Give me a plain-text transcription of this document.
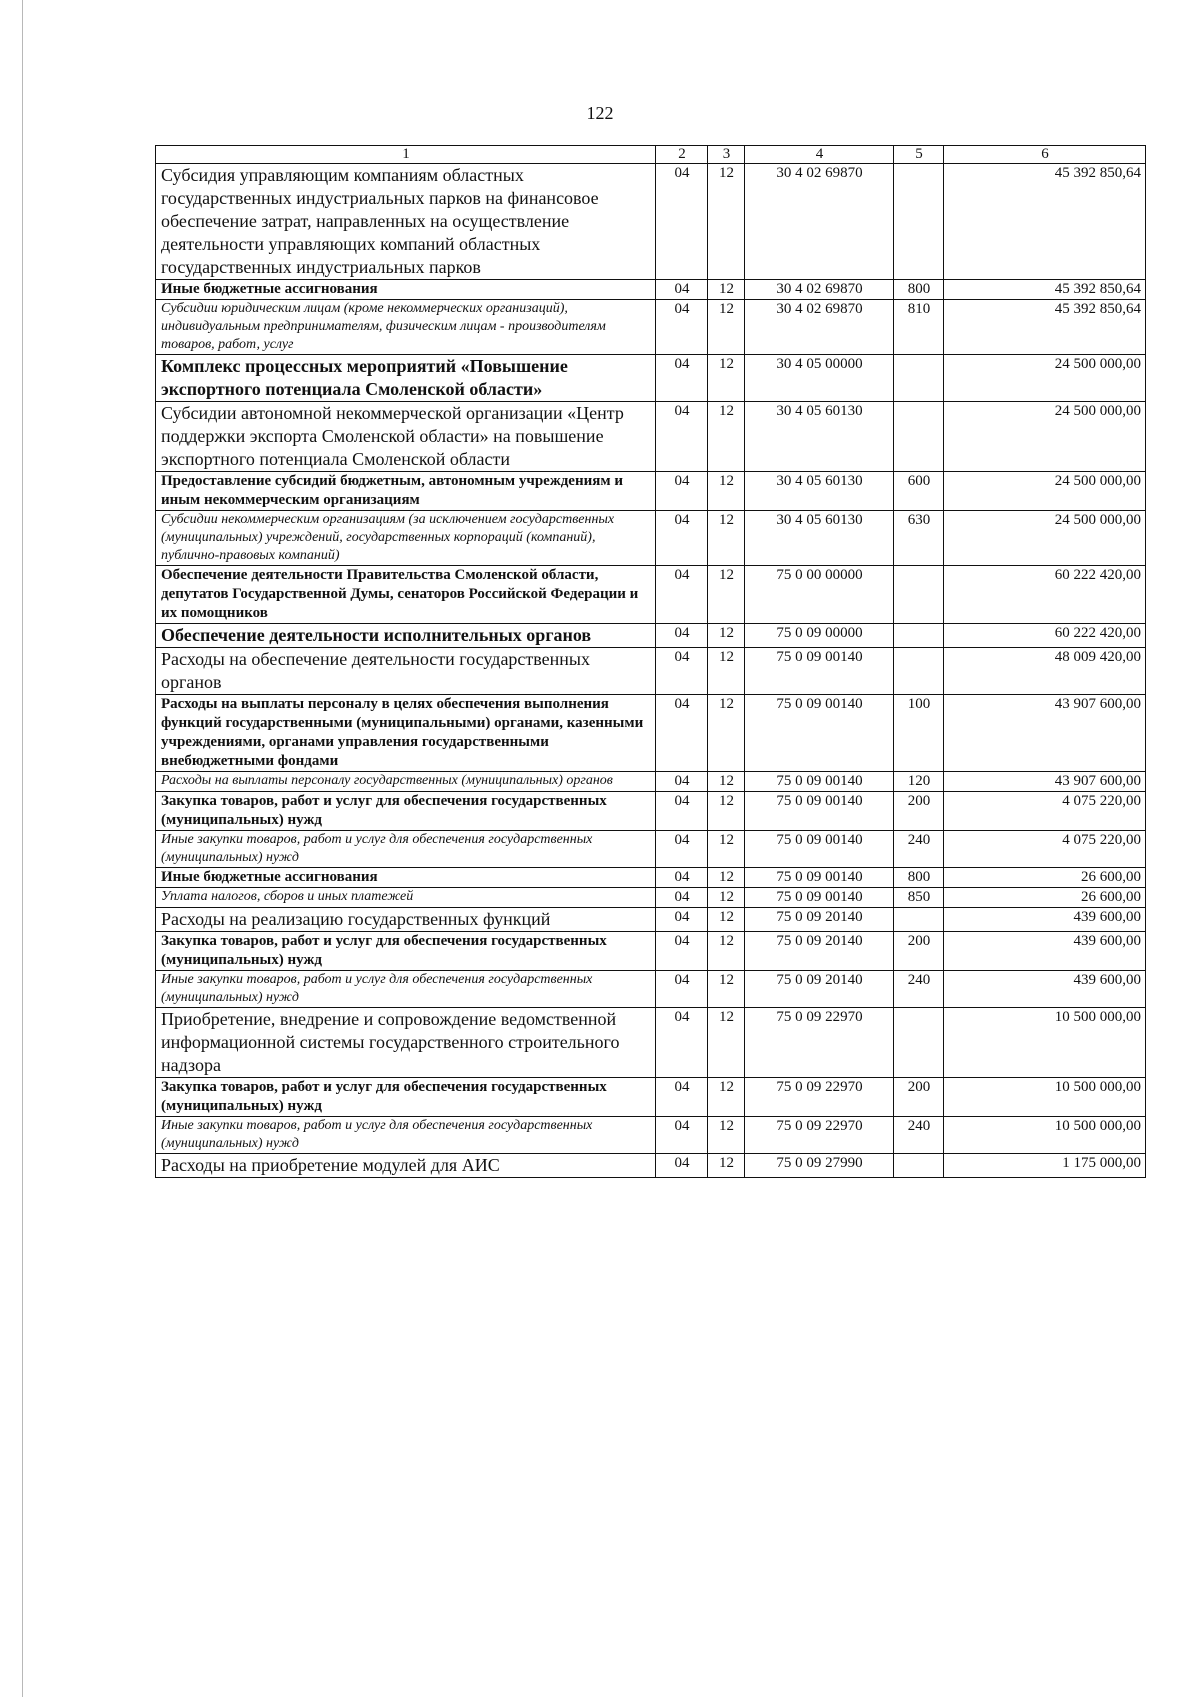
122
1	2	3	4	5	6
Субсидия управляющим компаниям областных государственных индустриальных парков на финансовое обеспечение затрат, направленных на осуществление деятельности управляющих компаний областных государственных индустриальных парков	04	12	30 4 02 69870		45 392 850,64
Иные бюджетные ассигнования	04	12	30 4 02 69870	800	45 392 850,64
Субсидии юридическим лицам (кроме некоммерческих организаций), индивидуальным предпринимателям, физическим лицам - производителям товаров, работ, услуг	04	12	30 4 02 69870	810	45 392 850,64
Комплекс процессных мероприятий «Повышение экспортного потенциала Смоленской области»	04	12	30 4 05 00000		24 500 000,00
Субсидии автономной некоммерческой организации «Центр поддержки экспорта Смоленской области» на повышение экспортного потенциала Смоленской области	04	12	30 4 05 60130		24 500 000,00
Предоставление субсидий бюджетным, автономным учреждениям и иным некоммерческим организациям	04	12	30 4 05 60130	600	24 500 000,00
Субсидии некоммерческим организациям (за исключением государственных (муниципальных) учреждений, государственных корпораций (компаний), публично-правовых компаний)	04	12	30 4 05 60130	630	24 500 000,00
Обеспечение деятельности Правительства Смоленской области, депутатов Государственной Думы, сенаторов Российской Федерации и их помощников	04	12	75 0 00 00000		60 222 420,00
Обеспечение деятельности исполнительных органов	04	12	75 0 09 00000		60 222 420,00
Расходы на обеспечение деятельности государственных органов	04	12	75 0 09 00140		48 009 420,00
Расходы на выплаты персоналу в целях обеспечения выполнения функций государственными (муниципальными) органами, казенными учреждениями, органами управления государственными внебюджетными фондами	04	12	75 0 09 00140	100	43 907 600,00
Расходы на выплаты персоналу государственных (муниципальных) органов	04	12	75 0 09 00140	120	43 907 600,00
Закупка товаров, работ и услуг для обеспечения государственных (муниципальных) нужд	04	12	75 0 09 00140	200	4 075 220,00
Иные закупки товаров, работ и услуг для обеспечения государственных (муниципальных) нужд	04	12	75 0 09 00140	240	4 075 220,00
Иные бюджетные ассигнования	04	12	75 0 09 00140	800	26 600,00
Уплата налогов, сборов и иных платежей	04	12	75 0 09 00140	850	26 600,00
Расходы на реализацию государственных функций	04	12	75 0 09 20140		439 600,00
Закупка товаров, работ и услуг для обеспечения государственных (муниципальных) нужд	04	12	75 0 09 20140	200	439 600,00
Иные закупки товаров, работ и услуг для обеспечения государственных (муниципальных) нужд	04	12	75 0 09 20140	240	439 600,00
Приобретение, внедрение и сопровождение ведомственной информационной системы государственного строительного надзора	04	12	75 0 09 22970		10 500 000,00
Закупка товаров, работ и услуг для обеспечения государственных (муниципальных) нужд	04	12	75 0 09 22970	200	10 500 000,00
Иные закупки товаров, работ и услуг для обеспечения государственных (муниципальных) нужд	04	12	75 0 09 22970	240	10 500 000,00
Расходы на приобретение модулей для АИС	04	12	75 0 09 27990		1 175 000,00
